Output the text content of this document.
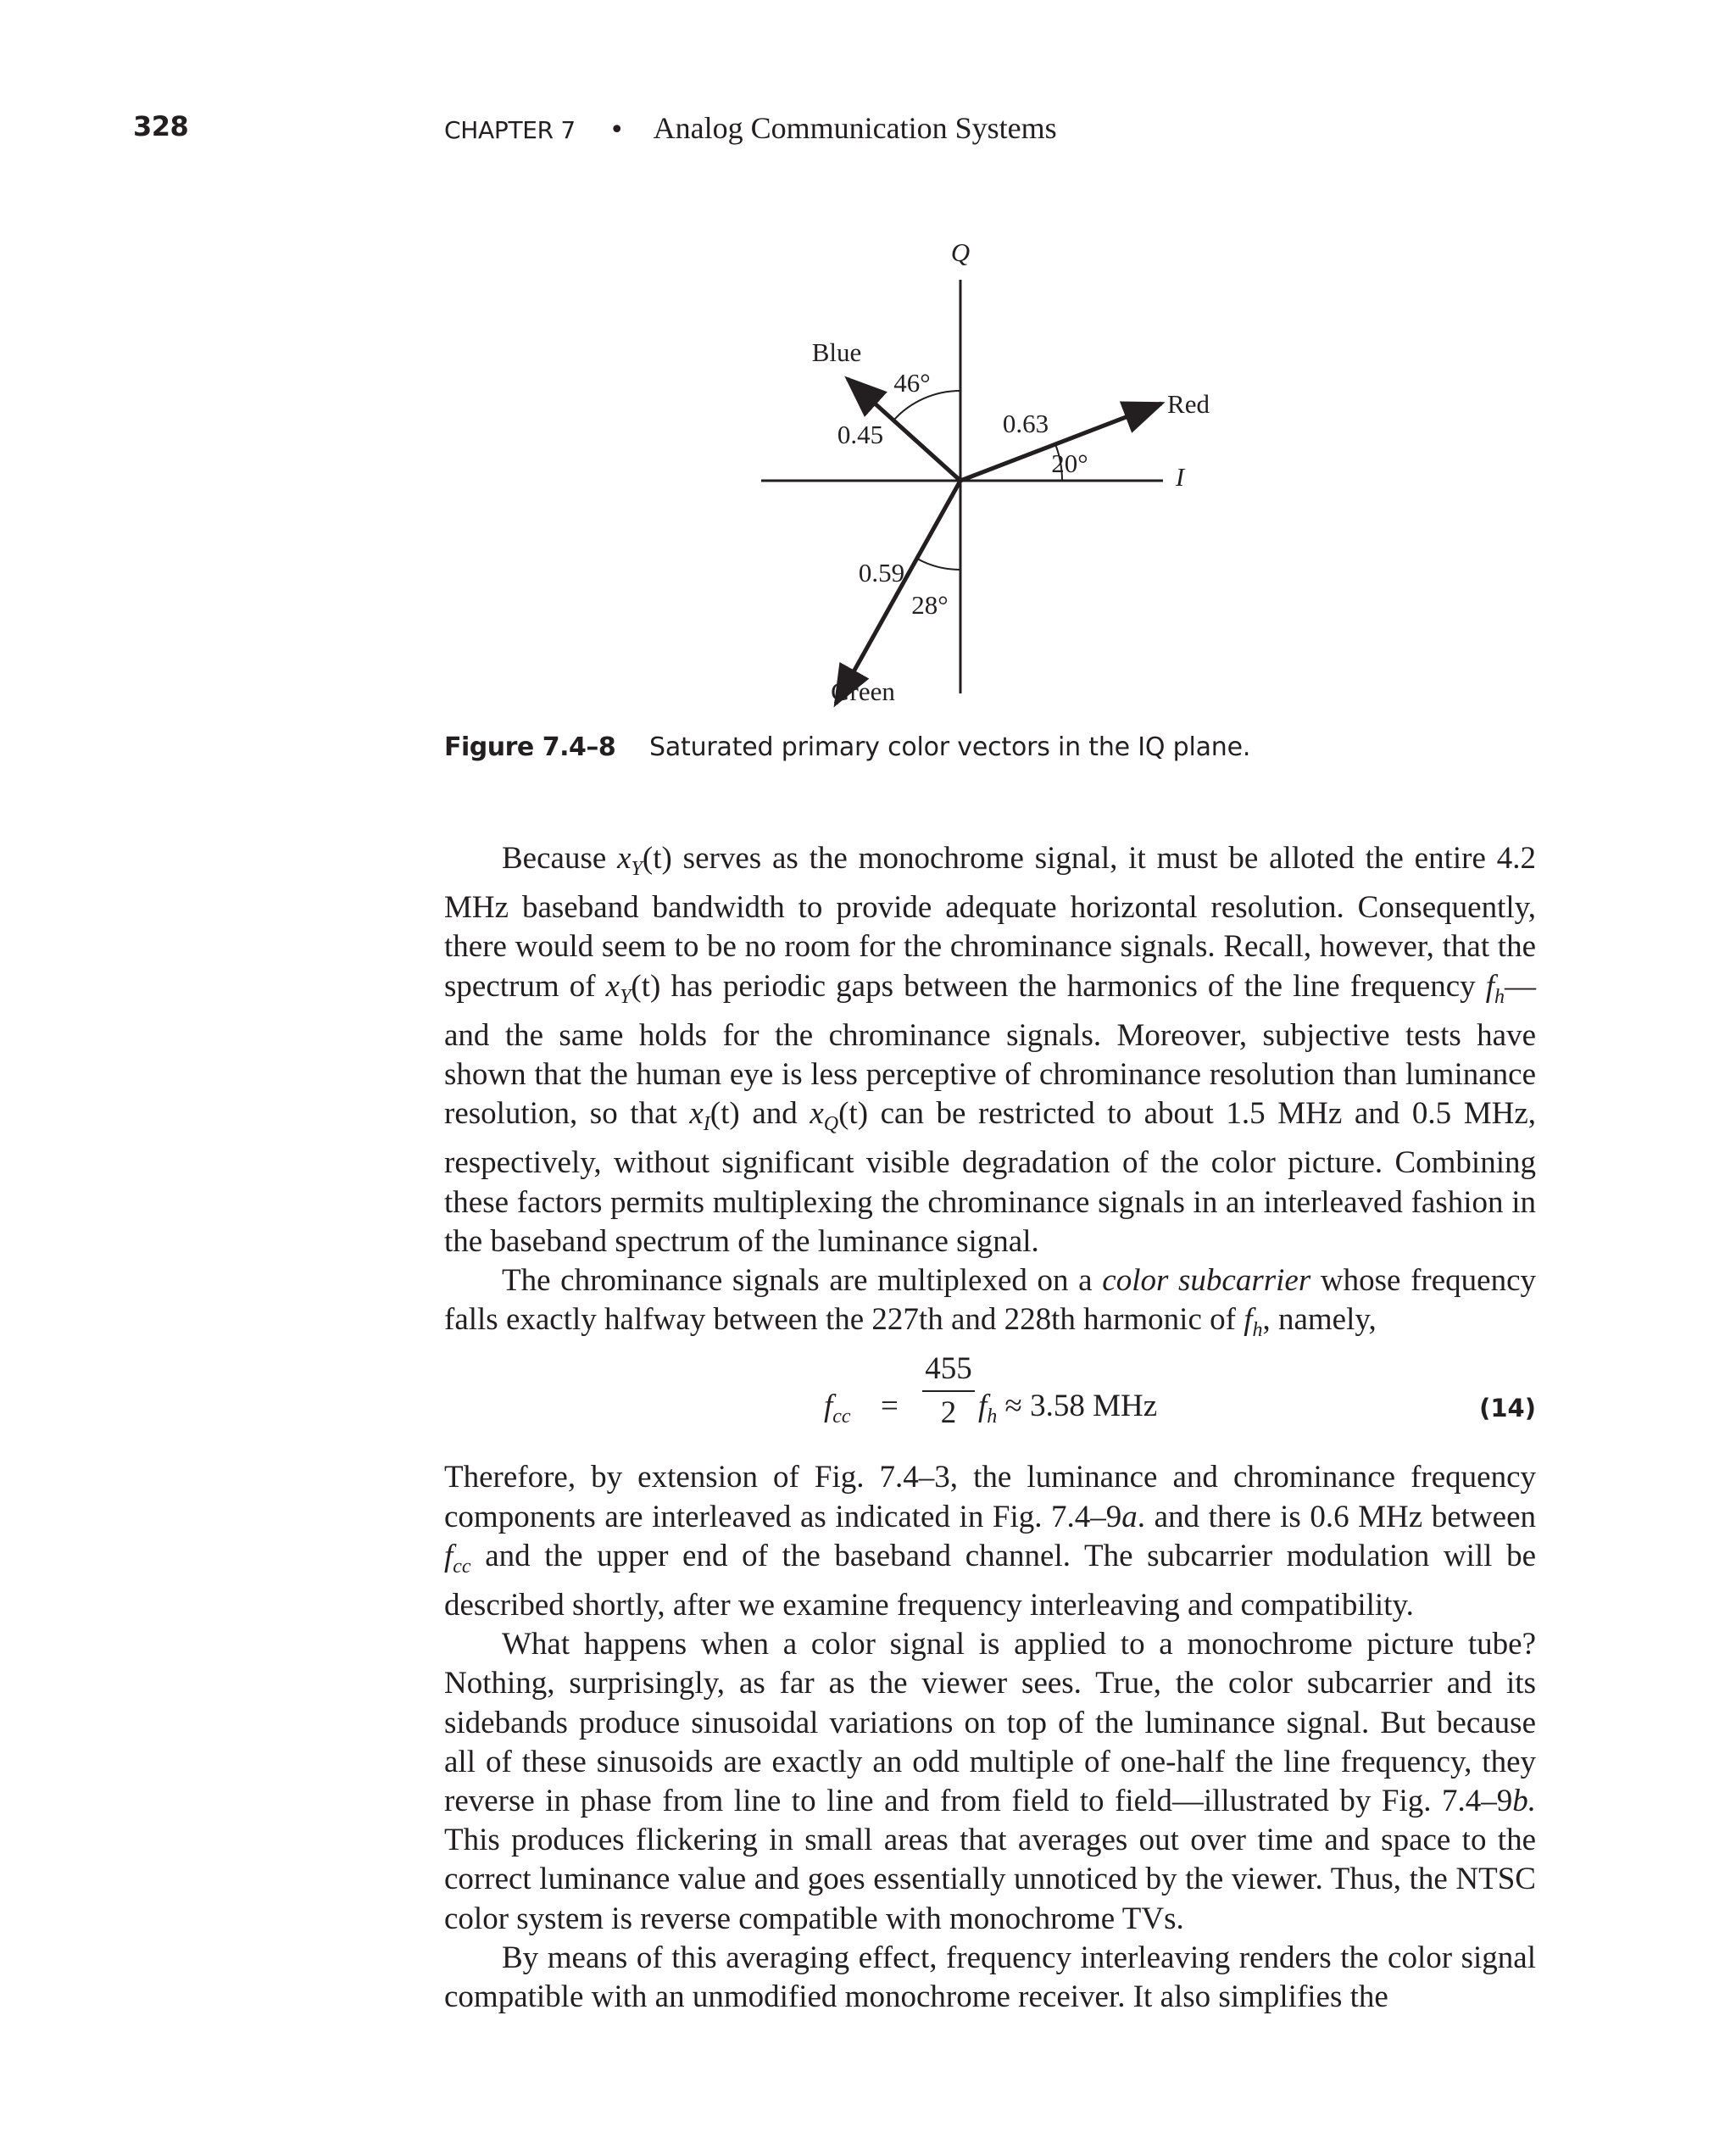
328	CHAPTER 7 • Analog Communication Systems
Q
I
Blue
46°
0.45
Red
0.63
20°
0.59
28°
Green
Figure 7.4–8 Saturated primary color vectors in the IQ plane.

Because $x_Y(t)$ serves as the monochrome signal, it must be alloted the entire 4.2 MHz baseband bandwidth to provide adequate horizontal resolution. Consequently, there would seem to be no room for the chrominance signals. Recall, however, that the spectrum of $x_Y(t)$ has periodic gaps between the harmonics of the line frequency $f_h—and$ the same holds for the chrominance signals. Moreover, subjective tests have shown that the human eye is less perceptive of chrominance resolution than luminance resolution, so that $x_I(t)$ and $x_Q(t)$ can be restricted to about 1.5 MHz and 0.5 MHz, respectively, without significant visible degradation of the color picture. Combining these factors permits multiplexing the chrominance signals in an interleaved fashion in the baseband spectrum of the luminance signal.

The chrominance signals are multiplexed on a color subcarrier whose frequency falls exactly halfway between the 227th and 228th harmonic of $f_h$, namely,

$f_{cc}$ =
455
2 $f_h \approx 3.58$ MHz	(14)

Therefore, by extension of Fig. 7.4–3, the luminance and chrominance frequency components are interleaved as indicated in Fig. 7.4–9a. and there is 0.6 MHz between $f_{cc}$ and the upper end of the baseband channel. The subcarrier modulation will be described shortly, after we examine frequency interleaving and compatibility.

What happens when a color signal is applied to a monochrome picture tube? Nothing, surprisingly, as far as the viewer sees. True, the color subcarrier and its sidebands produce sinusoidal variations on top of the luminance signal. But because all of these sinusoids are exactly an odd multiple of one-half the line frequency, they reverse in phase from line to line and from field to field—illustrated by Fig. 7.4–9b. This produces flickering in small areas that averages out over time and space to the correct luminance value and goes essentially unnoticed by the viewer. Thus, the NTSC color system is reverse compatible with monochrome TVs.

By means of this averaging effect, frequency interleaving renders the color signal compatible with an unmodified monochrome receiver. It also simplifies the
